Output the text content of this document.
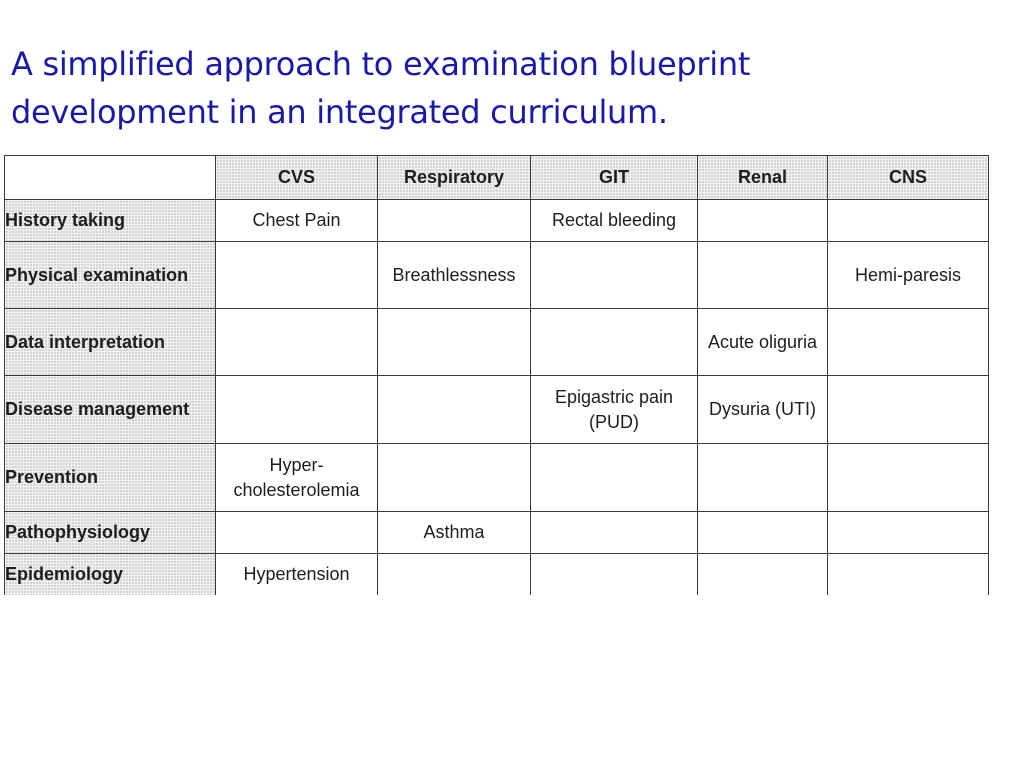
A simplified approach to examination blueprint
development in an integrated curriculum.
	CVS	Respiratory	GIT	Renal	CNS
History taking	Chest Pain		Rectal bleeding		
Physical examination		Breathlessness			Hemi-paresis
Data interpretation				Acute oliguria	
Disease management			Epigastric pain (PUD)	Dysuria (UTI)	
Prevention	Hyper-cholesterolemia				
Pathophysiology		Asthma			
Epidemiology	Hypertension				
